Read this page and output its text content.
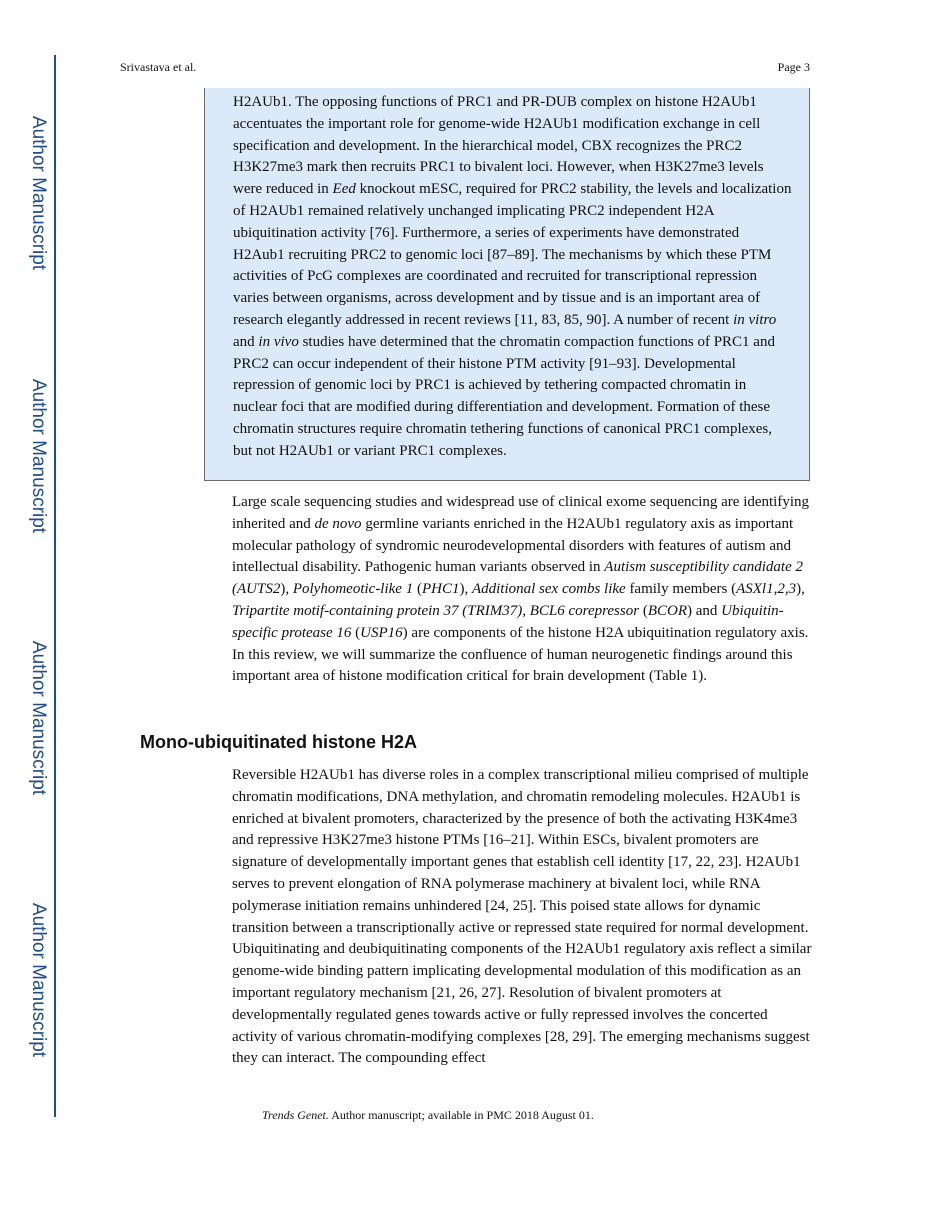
Author Manuscript
Author Manuscript
Author Manuscript
Author Manuscript
Srivastava et al.	Page 3

H2AUb1. The opposing functions of PRC1 and PR-DUB complex on histone H2AUb1 accentuates the important role for genome-wide H2AUb1 modification exchange in cell specification and development. In the hierarchical model, CBX recognizes the PRC2 H3K27me3 mark then recruits PRC1 to bivalent loci. However, when H3K27me3 levels were reduced in Eed knockout mESC, required for PRC2 stability, the levels and localization of H2AUb1 remained relatively unchanged implicating PRC2 independent H2A ubiquitination activity [76]. Furthermore, a series of experiments have demonstrated H2Aub1 recruiting PRC2 to genomic loci [87–89]. The mechanisms by which these PTM activities of PcG complexes are coordinated and recruited for transcriptional repression varies between organisms, across development and by tissue and is an important area of research elegantly addressed in recent reviews [11, 83, 85, 90]. A number of recent in vitro and in vivo studies have determined that the chromatin compaction functions of PRC1 and PRC2 can occur independent of their histone PTM activity [91–93]. Developmental repression of genomic loci by PRC1 is achieved by tethering compacted chromatin in nuclear foci that are modified during differentiation and development. Formation of these chromatin structures require chromatin tethering functions of canonical PRC1 complexes, but not H2AUb1 or variant PRC1 complexes.

Large scale sequencing studies and widespread use of clinical exome sequencing are identifying inherited and de novo germline variants enriched in the H2AUb1 regulatory axis as important molecular pathology of syndromic neurodevelopmental disorders with features of autism and intellectual disability. Pathogenic human variants observed in Autism susceptibility candidate 2 (AUTS2), Polyhomeotic-like 1 (PHC1), Additional sex combs like family members (ASXl1,2,3), Tripartite motif-containing protein 37 (TRIM37), BCL6 corepressor (BCOR) and Ubiquitin-specific protease 16 (USP16) are components of the histone H2A ubiquitination regulatory axis. In this review, we will summarize the confluence of human neurogenetic findings around this important area of histone modification critical for brain development (Table 1).

Mono-ubiquitinated histone H2A

Reversible H2AUb1 has diverse roles in a complex transcriptional milieu comprised of multiple chromatin modifications, DNA methylation, and chromatin remodeling molecules. H2AUb1 is enriched at bivalent promoters, characterized by the presence of both the activating H3K4me3 and repressive H3K27me3 histone PTMs [16–21]. Within ESCs, bivalent promoters are signature of developmentally important genes that establish cell identity [17, 22, 23]. H2AUb1 serves to prevent elongation of RNA polymerase machinery at bivalent loci, while RNA polymerase initiation remains unhindered [24, 25]. This poised state allows for dynamic transition between a transcriptionally active or repressed state required for normal development. Ubiquitinating and deubiquitinating components of the H2AUb1 regulatory axis reflect a similar genome-wide binding pattern implicating developmental modulation of this modification as an important regulatory mechanism [21, 26, 27]. Resolution of bivalent promoters at developmentally regulated genes towards active or fully repressed involves the concerted activity of various chromatin-modifying complexes [28, 29]. The emerging mechanisms suggest they can interact. The compounding effect

Trends Genet. Author manuscript; available in PMC 2018 August 01.
